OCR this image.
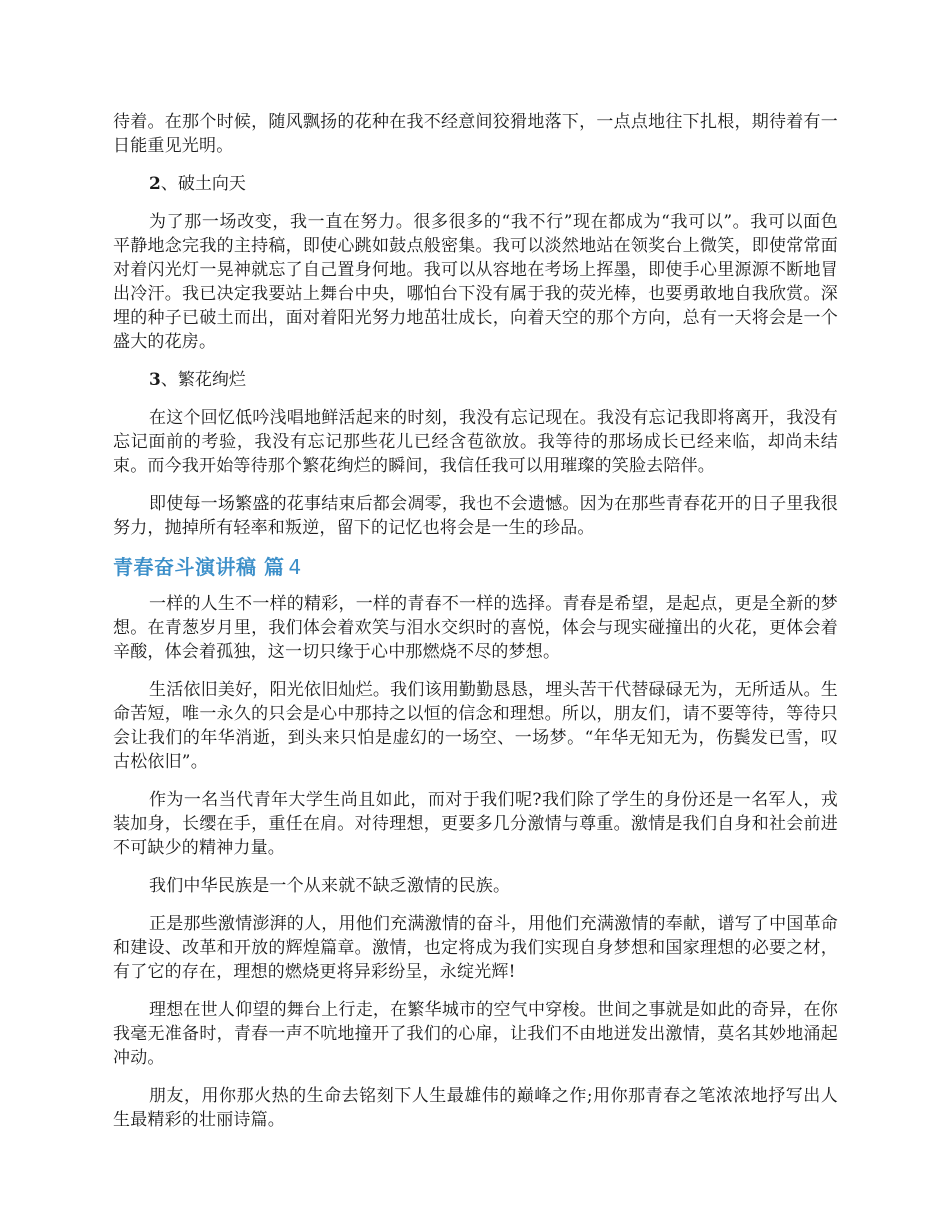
待着。在那个时候，随风飘扬的花种在我不经意间狡猾地落下，一点点地往下扎根，期待着有一日能重见光明。

2、破土向天

为了那一场改变，我一直在努力。很多很多的“我不行”现在都成为“我可以”。我可以面色平静地念完我的主持稿，即使心跳如鼓点般密集。我可以淡然地站在领奖台上微笑，即使常常面对着闪光灯一晃神就忘了自己置身何地。我可以从容地在考场上挥墨，即使手心里源源不断地冒出冷汗。我已决定我要站上舞台中央，哪怕台下没有属于我的荧光棒，也要勇敢地自我欣赏。深埋的种子已破土而出，面对着阳光努力地茁壮成长，向着天空的那个方向，总有一天将会是一个盛大的花房。

3、繁花绚烂

在这个回忆低吟浅唱地鲜活起来的时刻，我没有忘记现在。我没有忘记我即将离开，我没有忘记面前的考验，我没有忘记那些花儿已经含苞欲放。我等待的那场成长已经来临，却尚未结束。而今我开始等待那个繁花绚烂的瞬间，我信任我可以用璀璨的笑脸去陪伴。

即使每一场繁盛的花事结束后都会凋零，我也不会遗憾。因为在那些青春花开的日子里我很努力，抛掉所有轻率和叛逆，留下的记忆也将会是一生的珍品。

青春奋斗演讲稿 篇 4

一样的人生不一样的精彩，一样的青春不一样的选择。青春是希望，是起点，更是全新的梦想。在青葱岁月里，我们体会着欢笑与泪水交织时的喜悦，体会与现实碰撞出的火花，更体会着辛酸，体会着孤独，这一切只缘于心中那燃烧不尽的梦想。

生活依旧美好，阳光依旧灿烂。我们该用勤勤恳恳，埋头苦干代替碌碌无为，无所适从。生命苦短，唯一永久的只会是心中那持之以恒的信念和理想。所以，朋友们，请不要等待，等待只会让我们的年华消逝，到头来只怕是虚幻的一场空、一场梦。“年华无知无为，伤鬓发已雪，叹古松依旧”。

作为一名当代青年大学生尚且如此，而对于我们呢?我们除了学生的身份还是一名军人，戎装加身，长缨在手，重任在肩。对待理想，更要多几分激情与尊重。激情是我们自身和社会前进不可缺少的精神力量。

我们中华民族是一个从来就不缺乏激情的民族。

正是那些激情澎湃的人，用他们充满激情的奋斗，用他们充满激情的奉献，谱写了中国革命和建设、改革和开放的辉煌篇章。激情，也定将成为我们实现自身梦想和国家理想的必要之材，有了它的存在，理想的燃烧更将异彩纷呈，永绽光辉!

理想在世人仰望的舞台上行走，在繁华城市的空气中穿梭。世间之事就是如此的奇异，在你我毫无准备时，青春一声不吭地撞开了我们的心扉，让我们不由地迸发出激情，莫名其妙地涌起冲动。

朋友，用你那火热的生命去铭刻下人生最雄伟的巅峰之作;用你那青春之笔浓浓地抒写出人生最精彩的壮丽诗篇。
